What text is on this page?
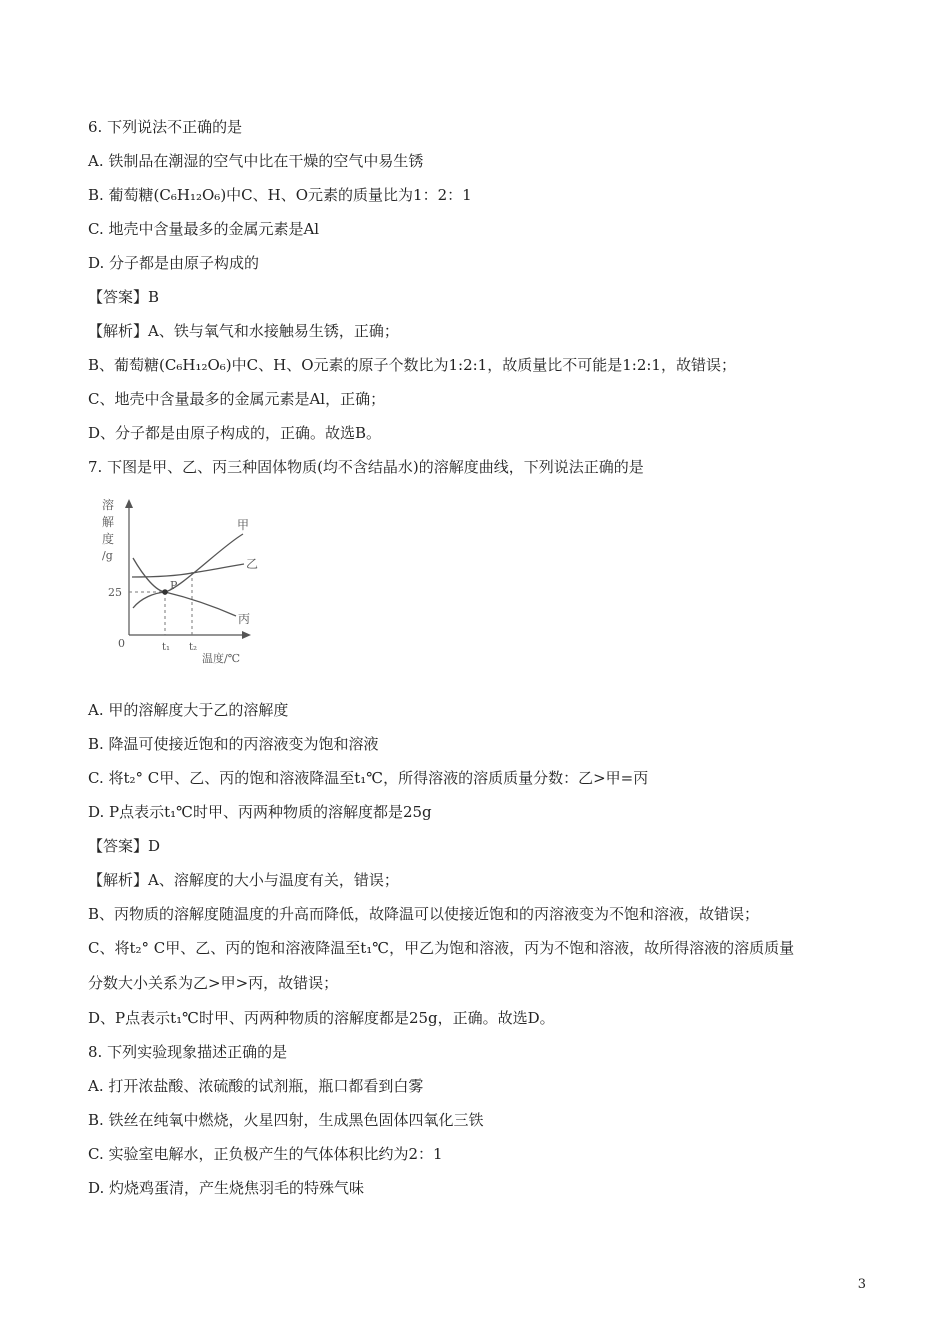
6. 下列说法不正确的是
A. 铁制品在潮湿的空气中比在干燥的空气中易生锈
B. 葡萄糖(C₆H₁₂O₆)中C、H、O元素的质量比为1：2：1
C. 地壳中含量最多的金属元素是Al
D. 分子都是由原子构成的
【答案】B
【解析】A、铁与氧气和水接触易生锈，正确；
B、葡萄糖(C₆H₁₂O₆)中C、H、O元素的原子个数比为1:2:1，故质量比不可能是1:2:1，故错误；
C、地壳中含量最多的金属元素是Al，正确；
D、分子都是由原子构成的，正确。故选B。
7. 下图是甲、乙、丙三种固体物质(均不含结晶水)的溶解度曲线，下列说法正确的是
溶
解
度
/g
0
25
t₁ t₂
温度/℃
P
甲
乙
丙
A. 甲的溶解度大于乙的溶解度
B. 降温可使接近饱和的丙溶液变为饱和溶液
C. 将t₂° C甲、乙、丙的饱和溶液降温至t₁℃，所得溶液的溶质质量分数：乙>甲=丙
D. P点表示t₁℃时甲、丙两种物质的溶解度都是25g
【答案】D
【解析】A、溶解度的大小与温度有关，错误；
B、丙物质的溶解度随温度的升高而降低，故降温可以使接近饱和的丙溶液变为不饱和溶液，故错误；
C、将t₂° C甲、乙、丙的饱和溶液降温至t₁℃，甲乙为饱和溶液，丙为不饱和溶液，故所得溶液的溶质质量
分数大小关系为乙>甲>丙，故错误；
D、P点表示t₁℃时甲、丙两种物质的溶解度都是25g，正确。故选D。
8. 下列实验现象描述正确的是
A. 打开浓盐酸、浓硫酸的试剂瓶，瓶口都看到白雾
B. 铁丝在纯氧中燃烧，火星四射，生成黑色固体四氧化三铁
C. 实验室电解水，正负极产生的气体体积比约为2：1
D. 灼烧鸡蛋清，产生烧焦羽毛的特殊气味
3
